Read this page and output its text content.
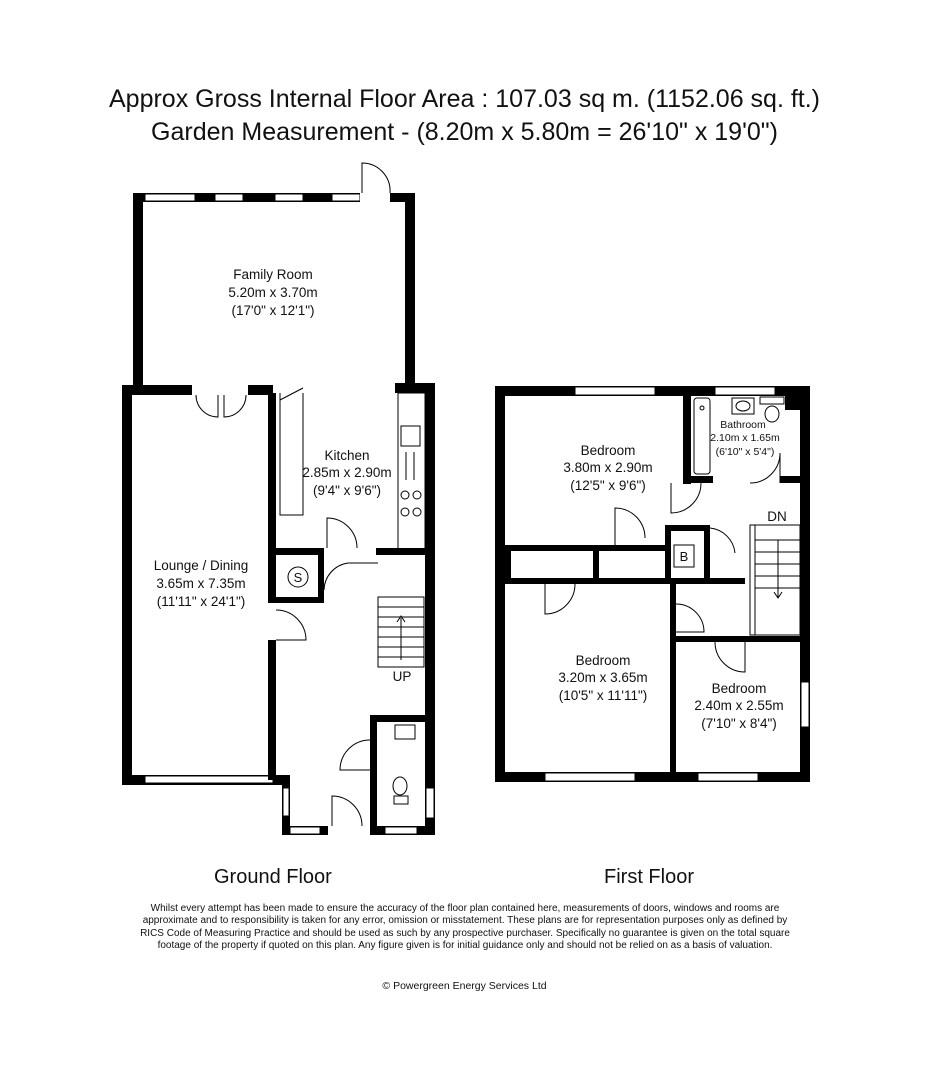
Approx Gross Internal Floor Area : 107.03 sq m. (1152.06 sq. ft.)
Garden Measurement - (8.20m x 5.80m = 26'10" x 19'0")
Family Room
5.20m x 3.70m
(17'0" x 12'1")
Kitchen
2.85m x 2.90m
(9'4" x 9'6")
Lounge / Dining
3.65m x 7.35m
(11'11" x 24'1")
S
UP
Bedroom
3.80m x 2.90m
(12'5" x 9'6")
Bathroom
2.10m x 1.65m
(6'10" x 5'4")
Bedroom
3.20m x 3.65m
(10'5" x 11'11")	Bedroom
2.40m x 2.55m
(7'10" x 8'4")
B
DN
Ground Floor	First Floor
Whilst every attempt has been made to ensure the accuracy of the floor plan contained here, measurements of doors, windows and rooms are approximate and to responsibility is taken for any error, omission or misstatement. These plans are for representation purposes only as defined by RICS Code of Measuring Practice and should be used as such by any prospective purchaser. Specifically no guarantee is given on the total square footage of the property if quoted on this plan. Any figure given is for initial guidance only and should not be relied on as a basis of valuation.
© Powergreen Energy Services Ltd
